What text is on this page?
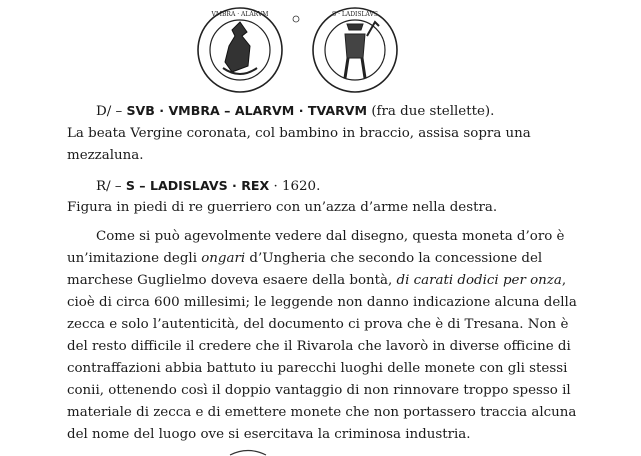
VMBRA · ALARVM	S · LADISLAVS
D/ – SVB · VMBRA – ALARVM · TVARVM (fra due stellette).
La beata Vergine coronata, col bambino in braccio, assisa sopra una
mezzaluna.
R/ – S – LADISLAVS · REX · 1620.
Figura in piedi di re guerriero con un’azza d’arme nella destra.
Come si può agevolmente vedere dal disegno, questa moneta d’oro è
un’imitazione degli ongari d’Ungheria che secondo la concessione del
marchese Guglielmo doveva esaere della bontà, di carati dodici per onza,
cioè di circa 600 millesimi; le leggende non danno indicazione alcuna della
zecca e solo l’autenticità, del documento ci prova che è di Tresana. Non è
del resto difficile il credere che il Rivarola che lavorò in diverse officine di
contraffazioni abbia battuto iu parecchi luoghi delle monete con gli stessi
conii, ottenendo così il doppio vantaggio di non rinnovare troppo spesso il
materiale di zecca e di emettere monete che non portassero traccia alcuna
del nome del luogo ove si esercitava la criminosa industria.
